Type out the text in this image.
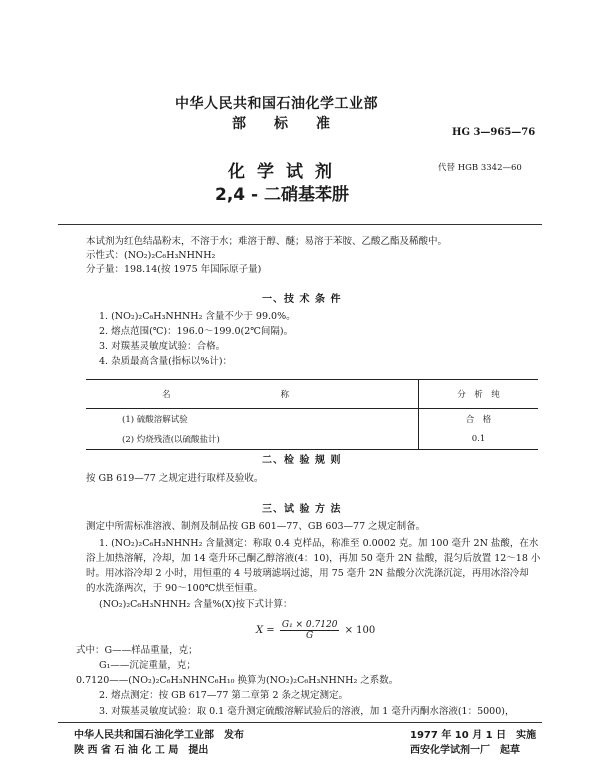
中华人民共和国石油化学工业部
部 标 准
HG 3—965—76
化 学 试 剂
2,4 - 二硝基苯肼
代替 HGB 3342—60
本试剂为红色结晶粉末，不溶于水；难溶于醇、醚；易溶于苯胺、乙酸乙酯及稀酸中。
示性式：(NO₂)₂C₆H₃NHNH₂
分子量：198.14(按 1975 年国际原子量)
一、技 术 条 件
1. (NO₂)₂C₆H₃NHNH₂ 含量不少于 99.0%。
2. 熔点范围(℃)：196.0～199.0(2℃间隔)。
3. 对羰基灵敏度试验：合格。
4. 杂质最高含量(指标以%计)：
名 称	分　析　纯
(1) 硫酸溶解试验	合　格
(2) 灼烧残渣(以硫酸盐计)	0.1
二、检 验 规 则
按 GB 619—77 之规定进行取样及验收。
三、试 验 方 法
测定中所需标准溶液、制剂及制品按 GB 601—77、GB 603—77 之规定制备。
1. (NO₂)₂C₆H₃NHNH₂ 含量测定：称取 0.4 克样品，称准至 0.0002 克。加 100 毫升 2N 盐酸，在水
浴上加热溶解，冷却，加 14 毫升环己酮乙醇溶液(4：10)，再加 50 毫升 2N 盐酸，混匀后放置 12～18 小
时。用冰浴冷却 2 小时，用恒重的 4 号玻璃滤埚过滤，用 75 毫升 2N 盐酸分次洗涤沉淀，再用冰浴冷却
的水洗涤两次，于 90～100℃烘至恒重。
(NO₂)₂C₆H₃NHNH₂ 含量%(X)按下式计算：
$X = \frac{\text{G₁ × 0.7120}}{G} \times 100$
式中：G——样品重量，克；
G₁——沉淀重量，克；
0.7120——(NO₂)₂C₆H₃NHNC₆H₁₀ 换算为(NO₂)₂C₆H₃NHNH₂ 之系数。
2. 熔点测定：按 GB 617—77 第二章第 2 条之规定测定。
3. 对羰基灵敏度试验：取 0.1 毫升测定硫酸溶解试验后的溶液，加 1 毫升丙酮水溶液(1：5000)，
中华人民共和国石油化学工业部　发布
陕 西 省 石 油 化 工 局　提出
1977 年 10 月 1 日　实施
西安化学试剂一厂　起草
